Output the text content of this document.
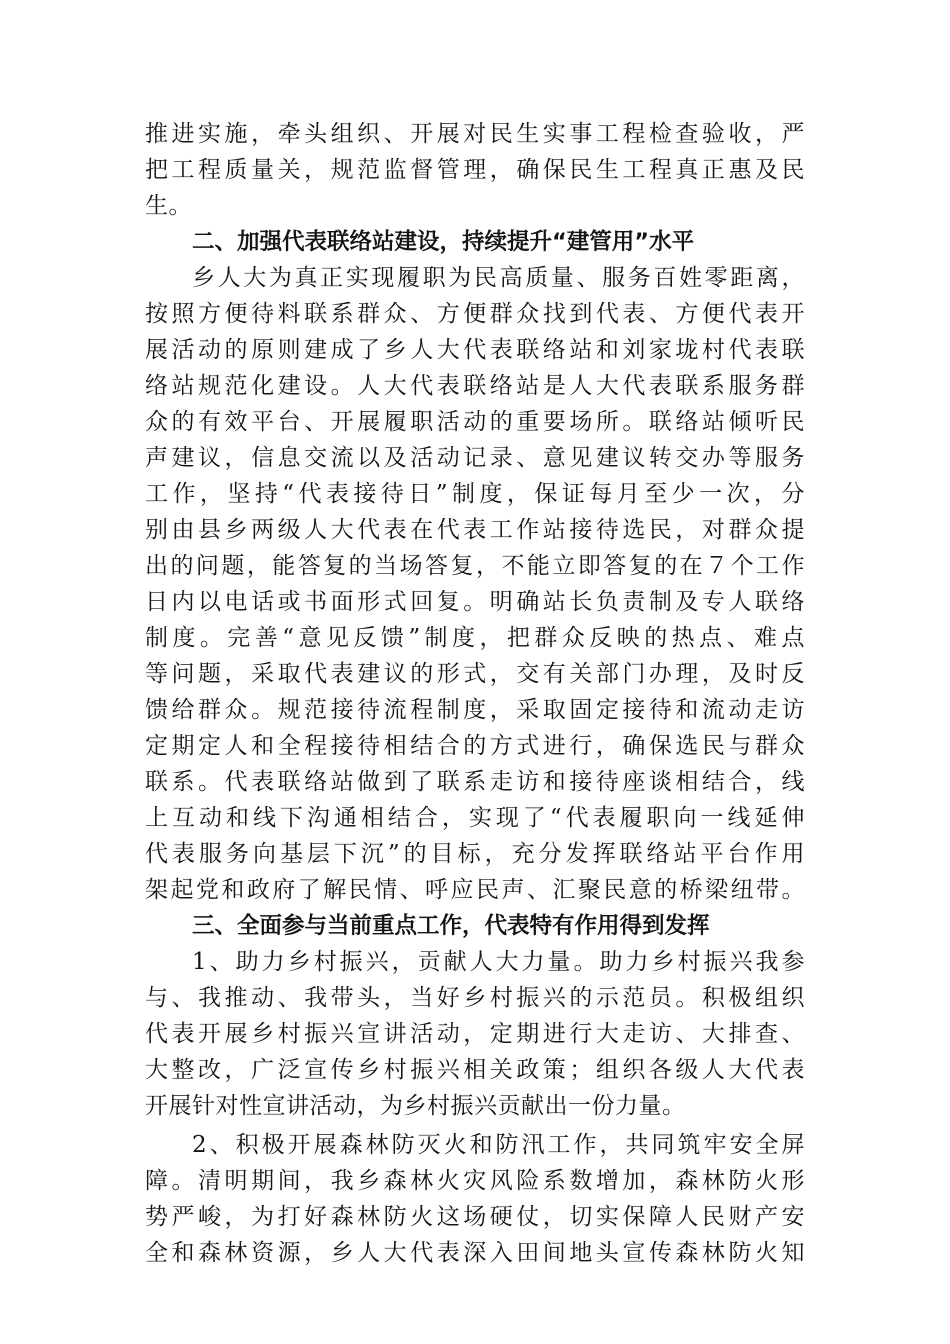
推进实施，牵头组织、开展对民生实事工程检查验收，严
把工程质量关，规范监督管理，确保民生工程真正惠及民
生。
二、加强代表联络站建设，持续提升“建管用”水平
乡人大为真正实现履职为民高质量、服务百姓零距离，
按照方便待料联系群众、方便群众找到代表、方便代表开
展活动的原则建成了乡人大代表联络站和刘家垅村代表联
络站规范化建设。人大代表联络站是人大代表联系服务群
众的有效平台、开展履职活动的重要场所。联络站倾听民
声建议，信息交流以及活动记录、意见建议转交办等服务
工作，坚持“代表接待日”制度，保证每月至少一次，分
别由县乡两级人大代表在代表工作站接待选民，对群众提
出的问题，能答复的当场答复，不能立即答复的在７个工作
日内以电话或书面形式回复。明确站长负责制及专人联络
制度。完善“意见反馈”制度，把群众反映的热点、难点
等问题，采取代表建议的形式，交有关部门办理，及时反
馈给群众。规范接待流程制度，采取固定接待和流动走访
定期定人和全程接待相结合的方式进行，确保选民与群众
联系。代表联络站做到了联系走访和接待座谈相结合，线
上互动和线下沟通相结合，实现了“代表履职向一线延伸
代表服务向基层下沉”的目标，充分发挥联络站平台作用
架起党和政府了解民情、呼应民声、汇聚民意的桥梁纽带。
三、全面参与当前重点工作，代表特有作用得到发挥
1、助力乡村振兴，贡献人大力量。助力乡村振兴我参
与、我推动、我带头，当好乡村振兴的示范员。积极组织
代表开展乡村振兴宣讲活动，定期进行大走访、大排查、
大整改，广泛宣传乡村振兴相关政策；组织各级人大代表
开展针对性宣讲活动，为乡村振兴贡献出一份力量。
2、积极开展森林防灭火和防汛工作，共同筑牢安全屏
障。清明期间，我乡森林火灾风险系数增加，森林防火形
势严峻，为打好森林防火这场硬仗，切实保障人民财产安
全和森林资源，乡人大代表深入田间地头宣传森林防火知
